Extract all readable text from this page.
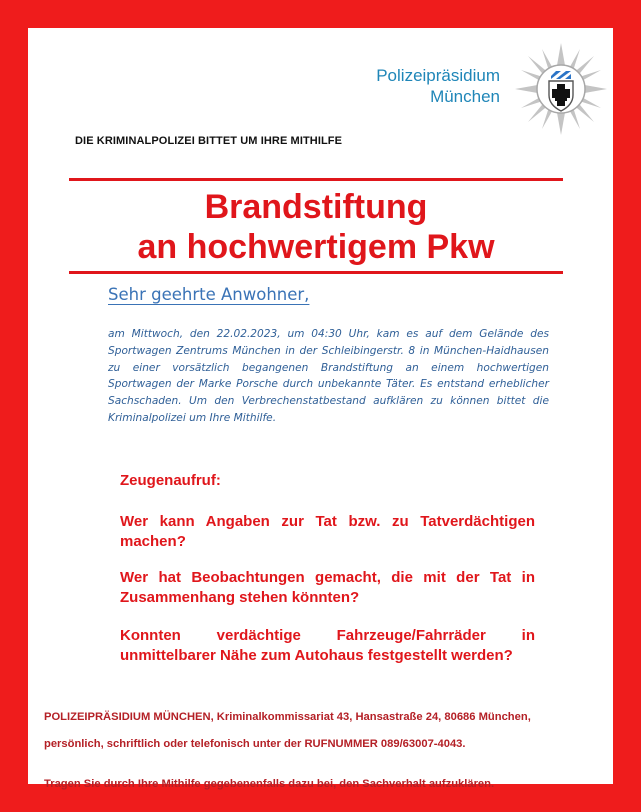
Polizeipräsidium
München
DIE KRIMINALPOLIZEI BITTET UM IHRE MITHILFE
Brandstiftung
an hochwertigem Pkw
Sehr geehrte Anwohner,
am Mittwoch, den 22.02.2023, um 04:30 Uhr, kam es auf dem Gelände des Sportwagen Zentrums München in der Schleibingerstr. 8 in München-Haidhausen zu einer vorsätzlich begangenen Brandstiftung an einem hochwertigen Sportwagen der Marke Porsche durch unbekannte Täter. Es entstand erheblicher Sachschaden. Um den Verbrechenstatbestand aufklären zu können bittet die Kriminalpolizei um Ihre Mithilfe.
Zeugenaufruf:
Wer kann Angaben zur Tat bzw. zu Tatverdächtigen machen?
Wer hat Beobachtungen gemacht, die mit der Tat in Zusammenhang stehen könnten?
Konnten verdächtige Fahrzeuge/Fahrräder in unmittelbarer Nähe zum Autohaus festgestellt werden?
POLIZEIPRÄSIDIUM MÜNCHEN, Kriminalkommissariat 43, Hansastraße 24, 80686 München,
persönlich, schriftlich oder telefonisch unter der RUFNUMMER 089/63007-4043.
Tragen Sie durch Ihre Mithilfe gegebenenfalls dazu bei, den Sachverhalt aufzuklären.
